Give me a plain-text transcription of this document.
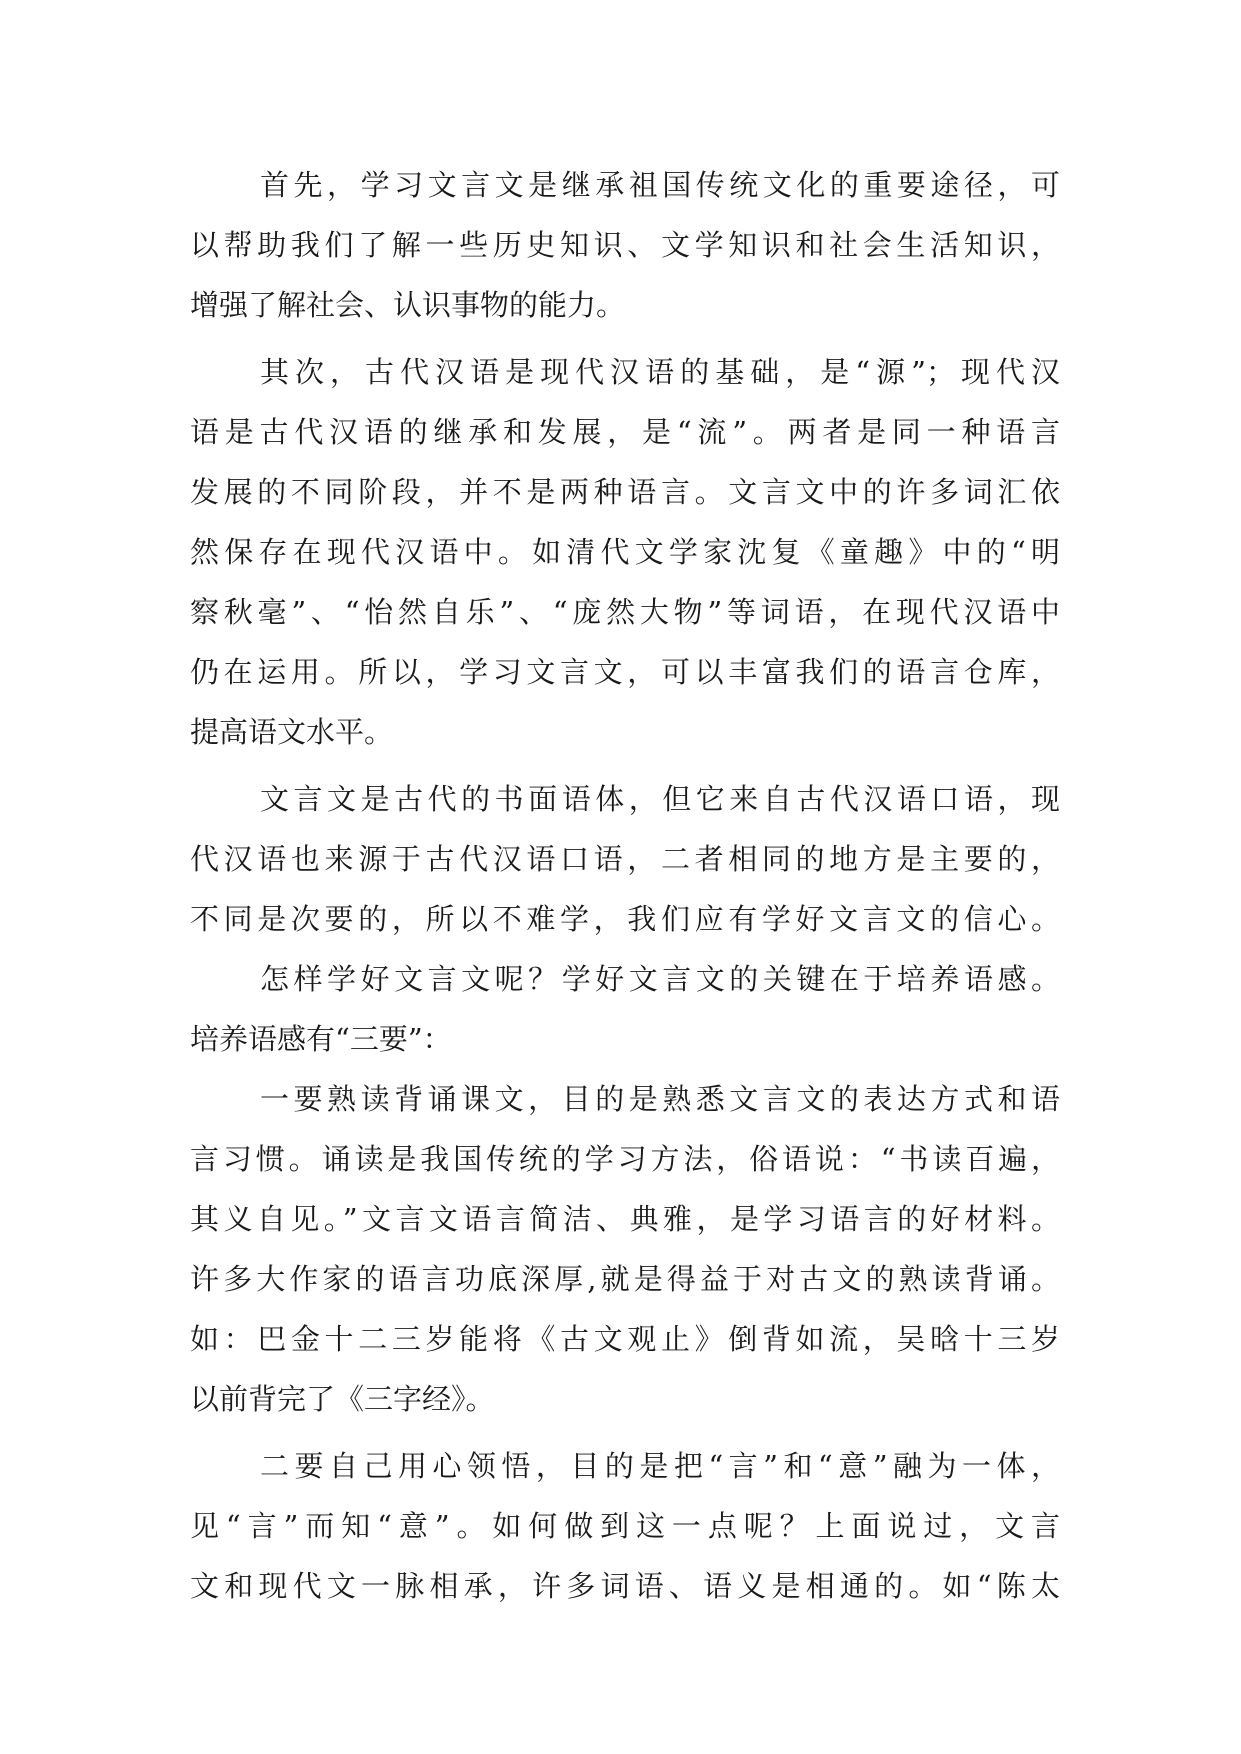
首先，学习文言文是继承祖国传统文化的重要途径，可
以帮助我们了解一些历史知识、文学知识和社会生活知识，
增强了解社会、认识事物的能力。

其次，古代汉语是现代汉语的基础，是“源”；现代汉
语是古代汉语的继承和发展，是“流”。两者是同一种语言
发展的不同阶段，并不是两种语言。文言文中的许多词汇依
然保存在现代汉语中。如清代文学家沈复《童趣》中的“明
察秋毫”、“怡然自乐”、“庞然大物”等词语，在现代汉语中
仍在运用。所以，学习文言文，可以丰富我们的语言仓库，
提高语文水平。

文言文是古代的书面语体，但它来自古代汉语口语，现
代汉语也来源于古代汉语口语，二者相同的地方是主要的，
不同是次要的，所以不难学，我们应有学好文言文的信心。

怎样学好文言文呢？学好文言文的关键在于培养语感。
培养语感有“三要”：

一要熟读背诵课文，目的是熟悉文言文的表达方式和语
言习惯。诵读是我国传统的学习方法，俗语说：“书读百遍，
其义自见。”文言文语言简洁、典雅，是学习语言的好材料。
许多大作家的语言功底深厚,就是得益于对古文的熟读背诵。
如：巴金十二三岁能将《古文观止》倒背如流，吴晗十三岁
以前背完了《三字经》。

二要自己用心领悟，目的是把“言”和“意”融为一体，
见“言”而知“意”。如何做到这一点呢？上面说过，文言
文和现代文一脉相承，许多词语、语义是相通的。如“陈太
